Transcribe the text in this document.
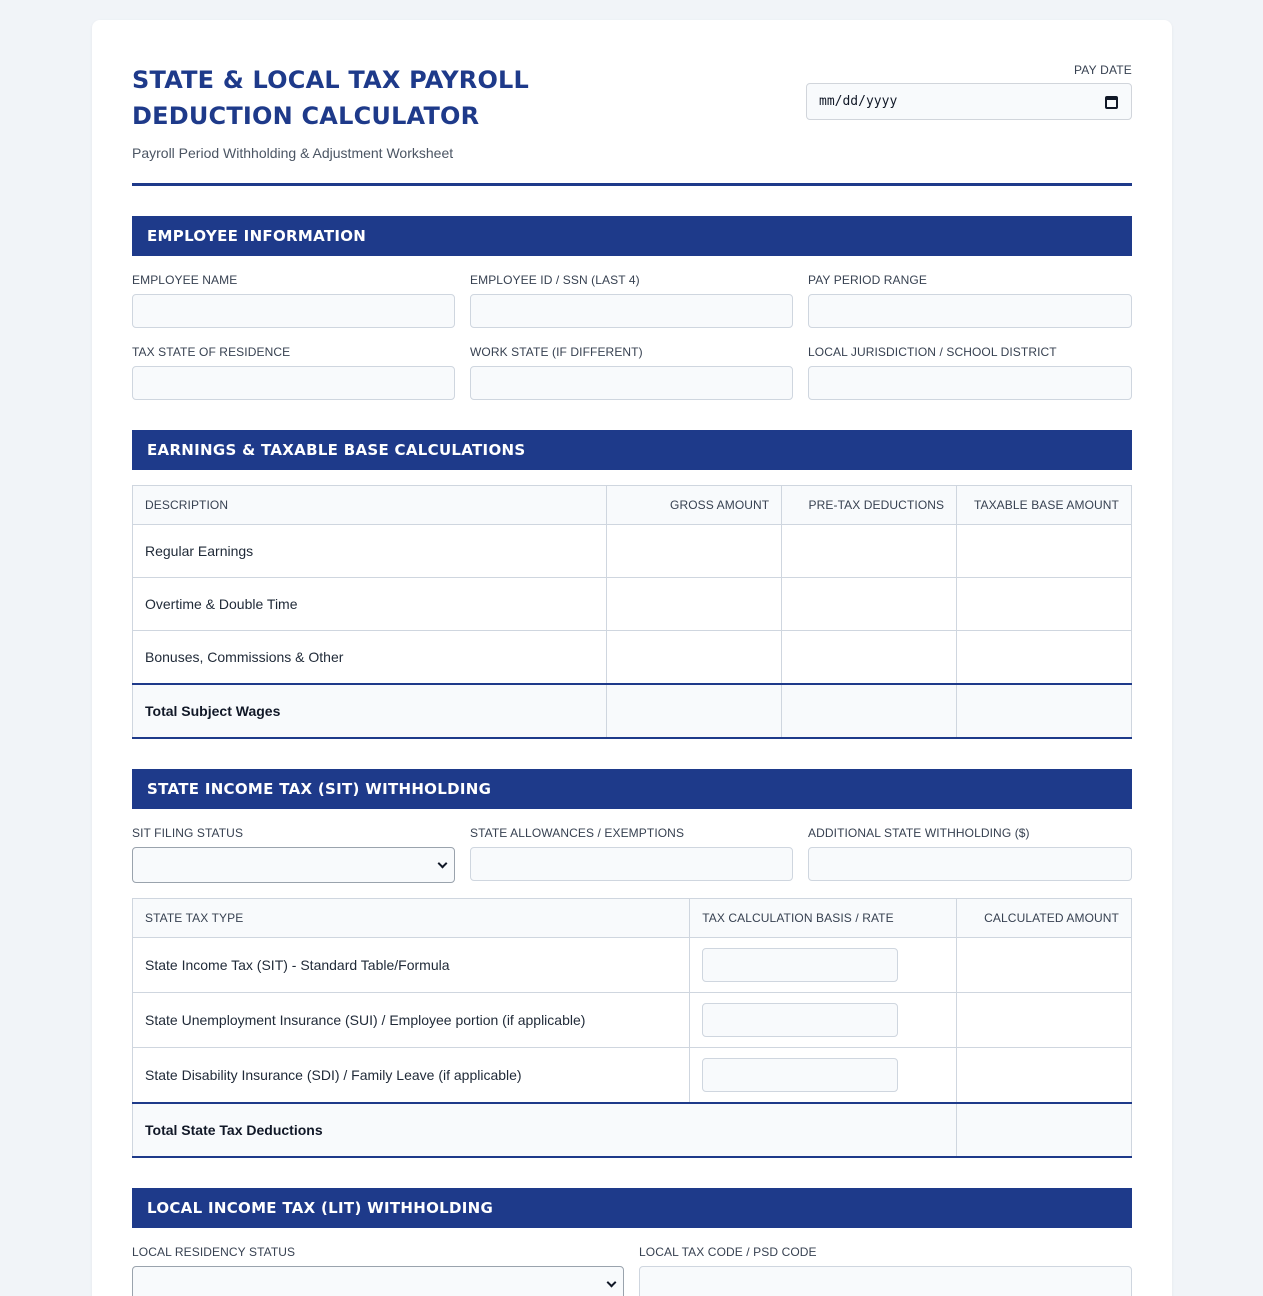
STATE & LOCAL TAX PAYROLL DEDUCTION CALCULATOR
Payroll Period Withholding & Adjustment Worksheet
PAY DATE
mm/dd/yyyy
EMPLOYEE INFORMATION
EMPLOYEE NAME	EMPLOYEE ID / SSN (LAST 4)	PAY PERIOD RANGE
TAX STATE OF RESIDENCE	WORK STATE (IF DIFFERENT)	LOCAL JURISDICTION / SCHOOL DISTRICT
EARNINGS & TAXABLE BASE CALCULATIONS
DESCRIPTION	GROSS AMOUNT	PRE-TAX DEDUCTIONS	TAXABLE BASE AMOUNT
Regular Earnings			
Overtime & Double Time			
Bonuses, Commissions & Other			
Total Subject Wages			
STATE INCOME TAX (SIT) WITHHOLDING
SIT FILING STATUS	STATE ALLOWANCES / EXEMPTIONS	ADDITIONAL STATE WITHHOLDING ($)
STATE TAX TYPE	TAX CALCULATION BASIS / RATE	CALCULATED AMOUNT
State Income Tax (SIT) - Standard Table/Formula	

State Unemployment Insurance (SUI) / Employee portion (if applicable)	

State Disability Insurance (SDI) / Family Leave (if applicable)	

Total State Tax Deductions		
LOCAL INCOME TAX (LIT) WITHHOLDING
LOCAL RESIDENCY STATUS	LOCAL TAX CODE / PSD CODE
